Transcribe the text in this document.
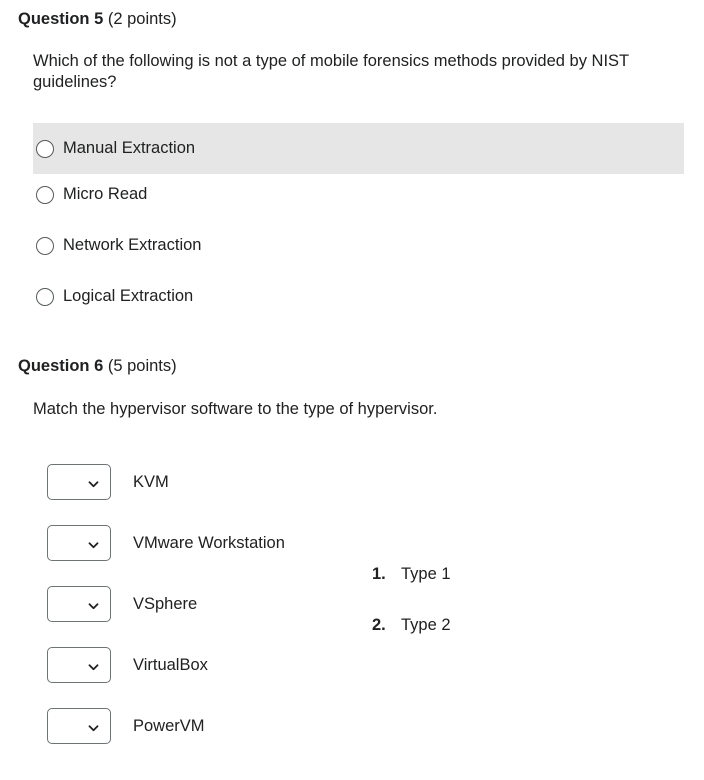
Question 5 (2 points)
Which of the following is not a type of mobile forensics methods provided by NIST guidelines?
Manual Extraction
Micro Read
Network Extraction
Logical Extraction
Question 6 (5 points)
Match the hypervisor software to the type of hypervisor.
KVM
VMware Workstation
VSphere
VirtualBox
PowerVM
1. Type 1
2. Type 2
